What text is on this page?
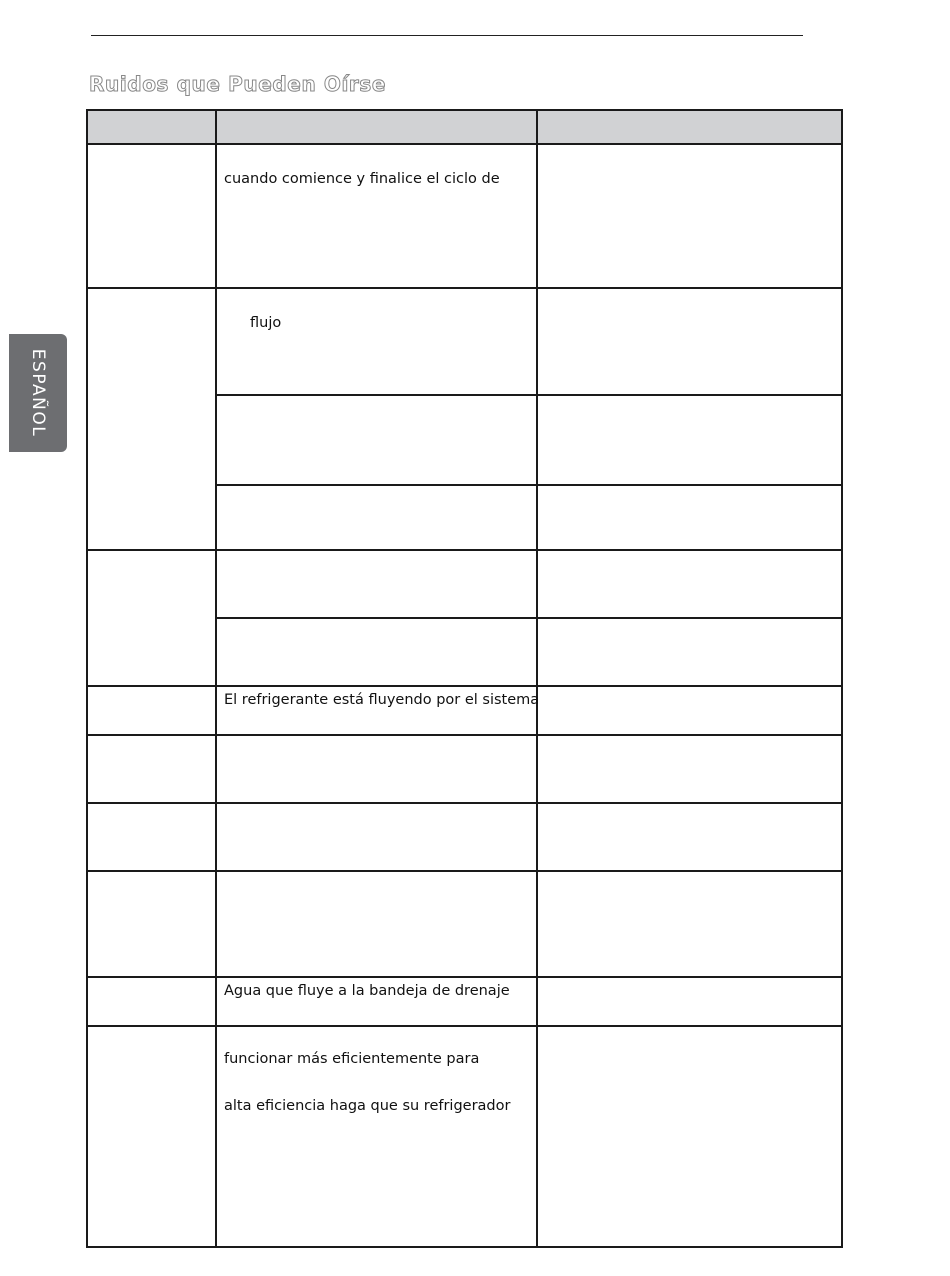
Ruidos que Pueden Oírse
ESPAÑOL

	cuando comience y finalice el ciclo de	

	flujo	

	El refrigerante está fluyendo por el sistema	

	Agua que fluye a la bandeja de drenaje	

	funcionar más eficientemente para
alta eficiencia haga que su refrigerador	
